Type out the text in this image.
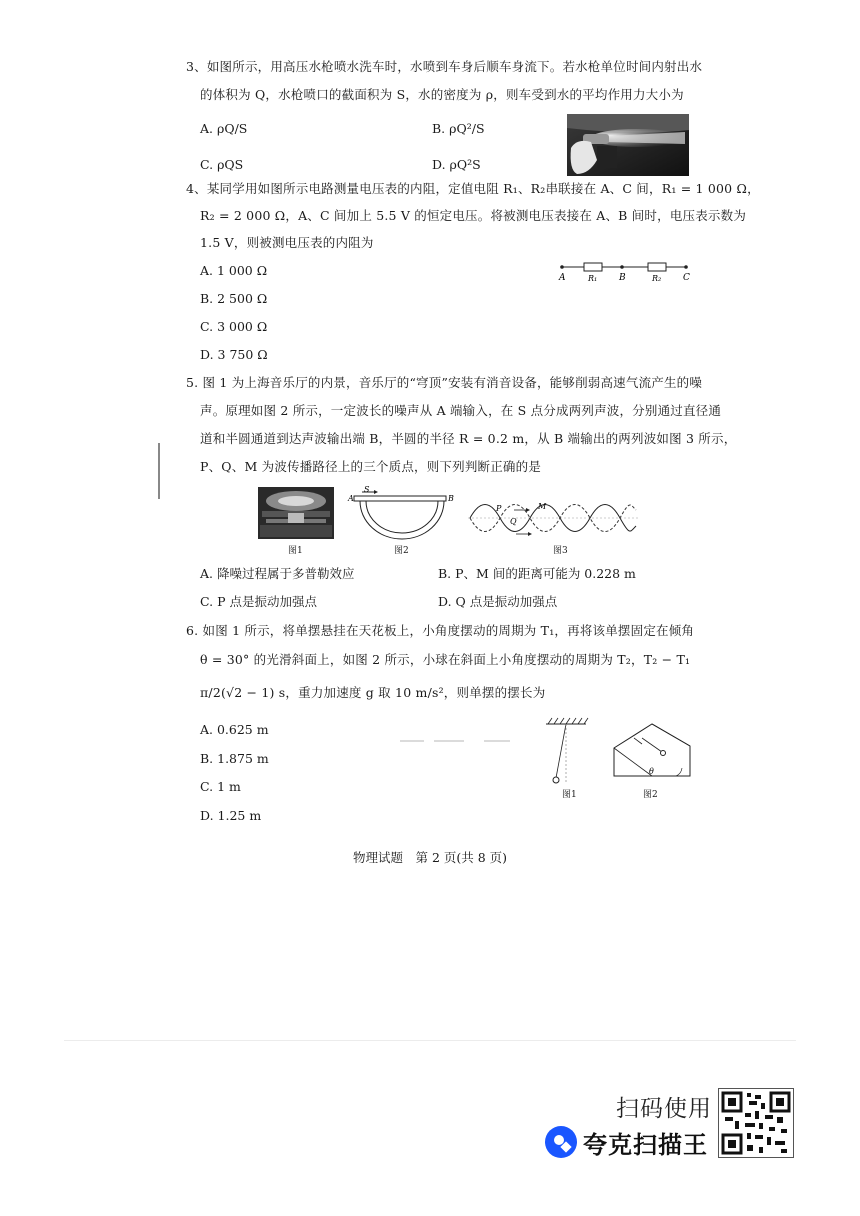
3、如图所示，用高压水枪喷水洗车时，水喷到车身后顺车身流下。若水枪单位时间内射出水
的体积为 Q，水枪喷口的截面积为 S，水的密度为 ρ，则车受到水的平均作用力大小为
A. ρQ/S	B. ρQ²/S
C. ρQS	D. ρQ²S
4、某同学用如图所示电路测量电压表的内阻，定值电阻 R₁、R₂串联接在 A、C 间，R₁ = 1 000 Ω，
R₂ = 2 000 Ω，A、C 间加上 5.5 V 的恒定电压。将被测电压表接在 A、B 间时，电压表示数为
1.5 V，则被测电压表的内阻为
A. 1 000 Ω
B. 2 500 Ω
C. 3 000 Ω
D. 3 750 Ω
A	R₁ B	R₂ C
5. 图 1 为上海音乐厅的内景，音乐厅的“穹顶”安装有消音设备，能够削弱高速气流产生的噪
声。原理如图 2 所示，一定波长的噪声从 A 端输入，在 S 点分成两列声波，分别通过直径通
道和半圆通道到达声波输出端 B，半圆的半径 R = 0.2 m，从 B 端输出的两列波如图 3 所示，
P、Q、M 为波传播路径上的三个质点，则下列判断正确的是
图1
A
S
B
图2
P	M
Q
图3
A. 降噪过程属于多普勒效应	B. P、M 间的距离可能为 0.228 m
C. P 点是振动加强点	D. Q 点是振动加强点
6. 如图 1 所示，将单摆悬挂在天花板上，小角度摆动的周期为 T₁，再将该单摆固定在倾角
θ = 30° 的光滑斜面上，如图 2 所示，小球在斜面上小角度摆动的周期为 T₂，T₂ − T₁
π/2(√2 − 1) s，重力加速度 g 取 10 m/s²，则单摆的摆长为
A. 0.625 m
B. 1.875 m
C. 1 m
D. 1.25 m
图1
θ
图2
物理试题　第 2 页(共 8 页)
扫码使用
夸克扫描王
